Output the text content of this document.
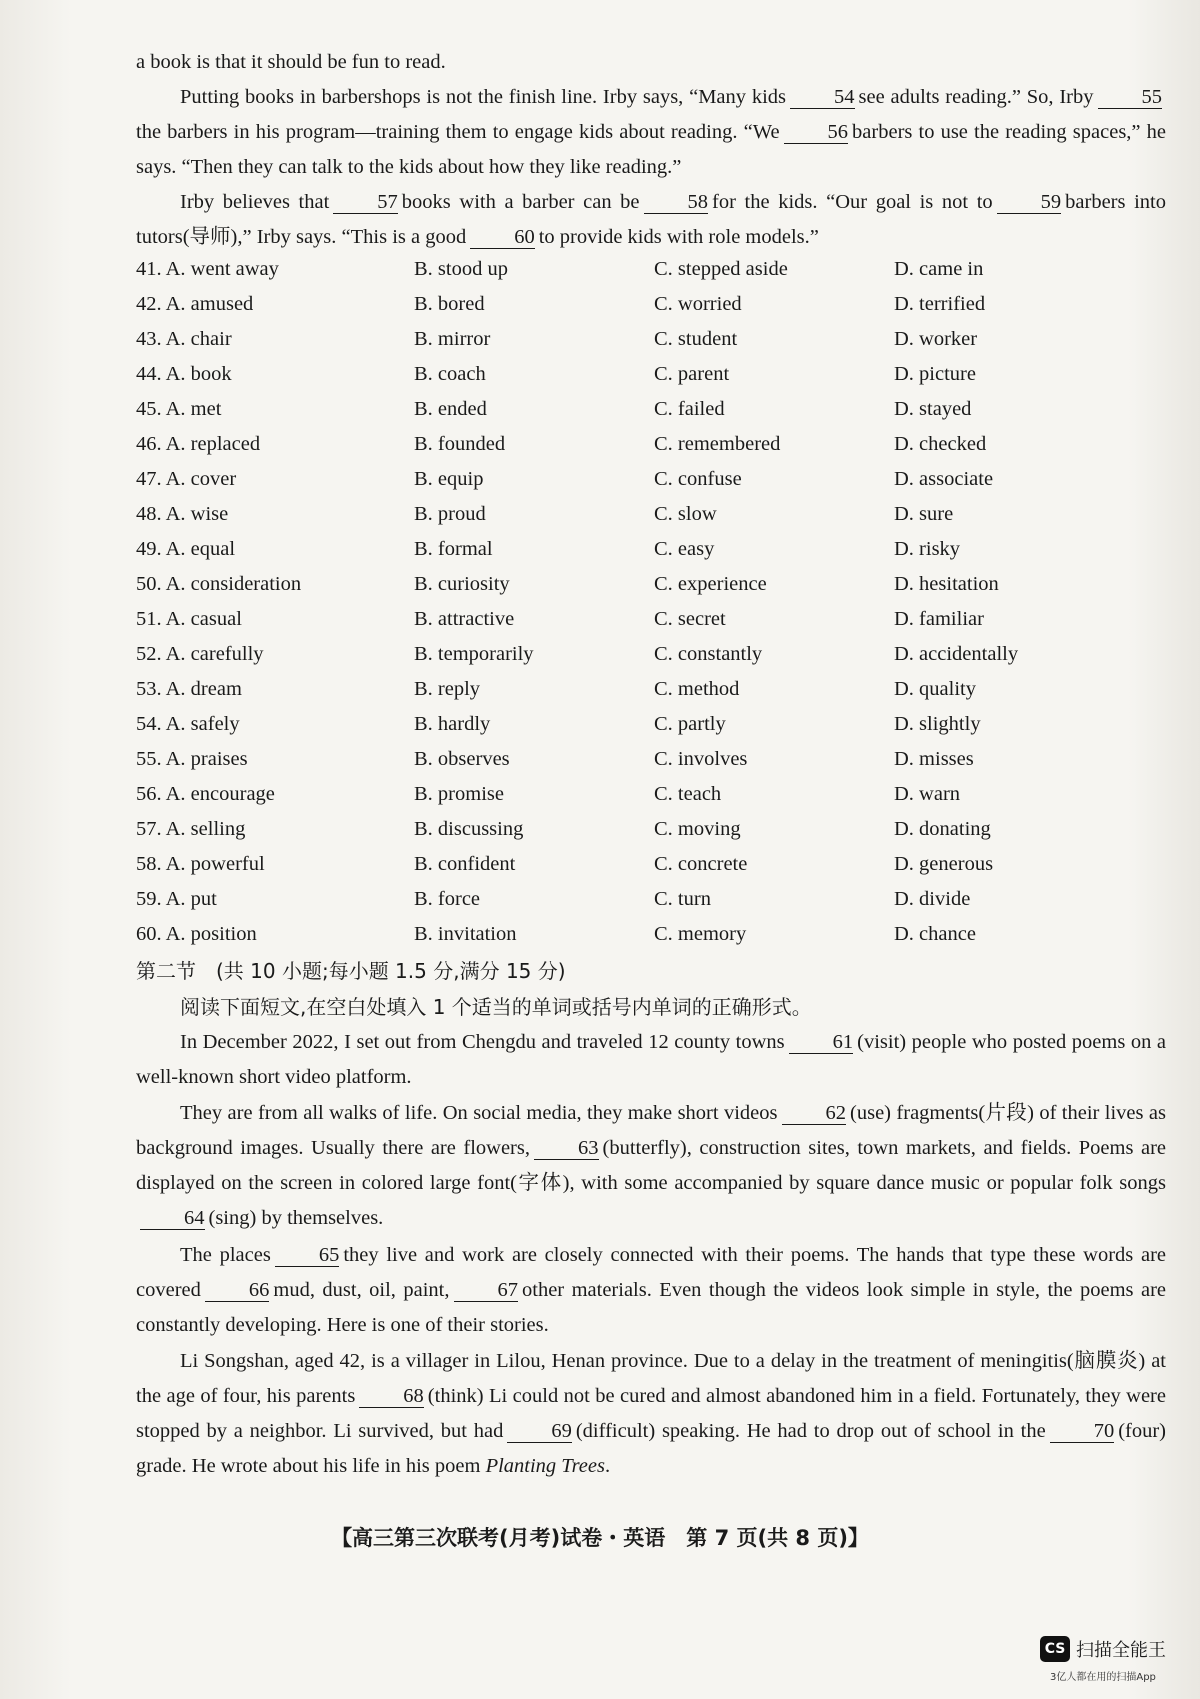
a book is that it should be fun to read.
Putting books in barbershops is not the finish line. Irby says, “Many kids 54 see adults reading.” So, Irby 55the barbers in his program—training them to engage kids about reading. “We 56 barbers to use the reading spaces,” he says. “Then they can talk to the kids about how they like reading.”
Irby believes that 57 books with a barber can be 58 for the kids. “Our goal is not to 59 barbers into tutors(导师),” Irby says. “This is a good 60 to provide kids with role models.”
41. A. went away	B. stood up	C. stepped aside	D. came in
42. A. amused	B. bored	C. worried	D. terrified
43. A. chair	B. mirror	C. student	D. worker
44. A. book	B. coach	C. parent	D. picture
45. A. met	B. ended	C. failed	D. stayed
46. A. replaced	B. founded	C. remembered	D. checked
47. A. cover	B. equip	C. confuse	D. associate
48. A. wise	B. proud	C. slow	D. sure
49. A. equal	B. formal	C. easy	D. risky
50. A. consideration	B. curiosity	C. experience	D. hesitation
51. A. casual	B. attractive	C. secret	D. familiar
52. A. carefully	B. temporarily	C. constantly	D. accidentally
53. A. dream	B. reply	C. method	D. quality
54. A. safely	B. hardly	C. partly	D. slightly
55. A. praises	B. observes	C. involves	D. misses
56. A. encourage	B. promise	C. teach	D. warn
57. A. selling	B. discussing	C. moving	D. donating
58. A. powerful	B. confident	C. concrete	D. generous
59. A. put	B. force	C. turn	D. divide
60. A. position	B. invitation	C. memory	D. chance
第二节　(共 10 小题;每小题 1.5 分,满分 15 分)
阅读下面短文,在空白处填入 1 个适当的单词或括号内单词的正确形式。
In December 2022, I set out from Chengdu and traveled 12 county towns 61 (visit) people who posted poems on a well-known short video platform.
They are from all walks of life. On social media, they make short videos 62 (use) fragments(片段) of their lives as background images. Usually there are flowers, 63 (butterfly), construction sites, town markets, and fields. Poems are displayed on the screen in colored large font(字体), with some accompanied by square dance music or popular folk songs64 (sing) by themselves.
The places 65 they live and work are closely connected with their poems. The hands that type these words are covered 66 mud, dust, oil, paint, 67 other materials. Even though the videos look simple in style, the poems are constantly developing. Here is one of their stories.
Li Songshan, aged 42, is a villager in Lilou, Henan province. Due to a delay in the treatment of meningitis(脑膜炎) at the age of four, his parents 68 (think) Li could not be cured and almost abandoned him in a field. Fortunately, they were stopped by a neighbor. Li survived, but had 69 (difficult) speaking. He had to drop out of school in the 70 (four) grade. He wrote about his life in his poem Planting Trees.
【高三第三次联考(月考)试卷・英语　第 7 页(共 8 页)】
CS 扫描全能王
3亿人都在用的扫描App
